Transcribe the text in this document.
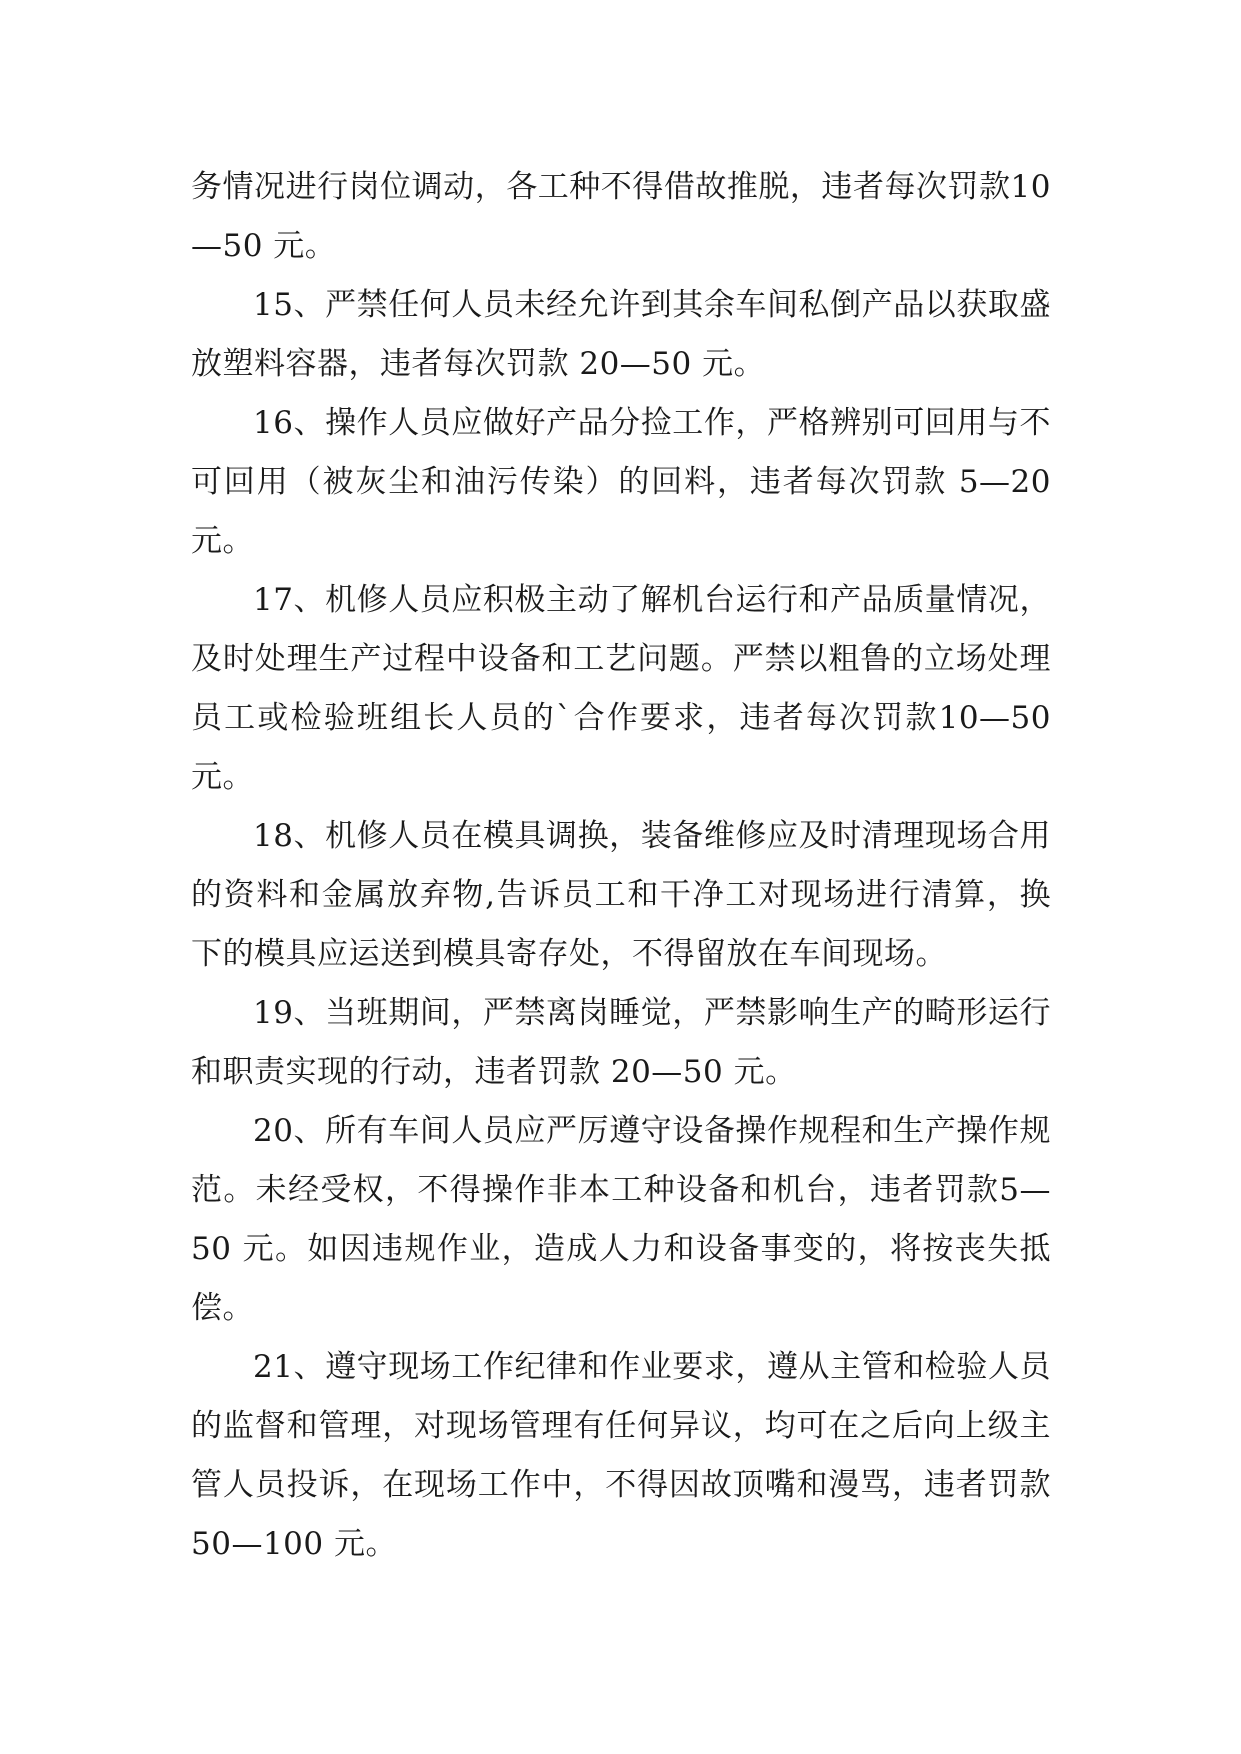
务情况进行岗位调动，各工种不得借故推脱，违者每次罚款10—50 元。

15、严禁任何人员未经允许到其余车间私倒产品以获取盛放塑料容器，违者每次罚款 20—50 元。

16、操作人员应做好产品分捡工作，严格辨别可回用与不可回用（被灰尘和油污传染）的回料，违者每次罚款 5—20元。

17、机修人员应积极主动了解机台运行和产品质量情况，及时处理生产过程中设备和工艺问题。严禁以粗鲁的立场处理员工或检验班组长人员的`合作要求，违者每次罚款10—50 元。

18、机修人员在模具调换，装备维修应及时清理现场合用的资料和金属放弃物,告诉员工和干净工对现场进行清算，换下的模具应运送到模具寄存处，不得留放在车间现场。

19、当班期间，严禁离岗睡觉，严禁影响生产的畸形运行和职责实现的行动，违者罚款 20—50 元。

20、所有车间人员应严厉遵守设备操作规程和生产操作规范。未经受权，不得操作非本工种设备和机台，违者罚款5—50 元。如因违规作业，造成人力和设备事变的，将按丧失抵偿。

21、遵守现场工作纪律和作业要求，遵从主管和检验人员的监督和管理，对现场管理有任何异议，均可在之后向上级主管人员投诉，在现场工作中，不得因故顶嘴和漫骂，违者罚款 50—100 元。
